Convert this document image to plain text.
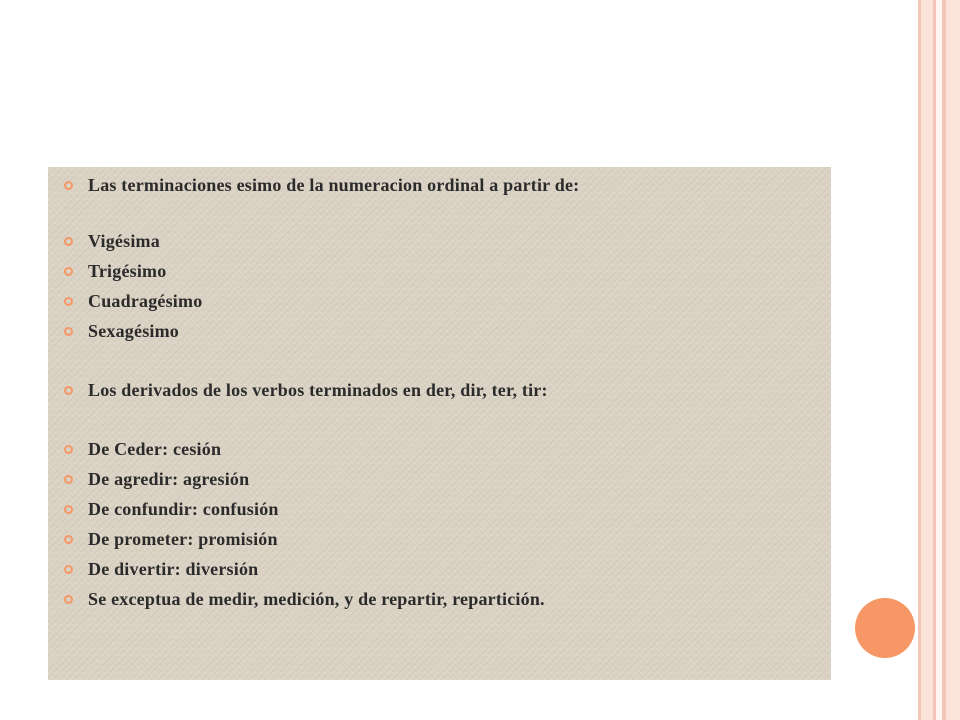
Las terminaciones esimo de la numeracion ordinal a partir de:
Vigésima
Trigésimo
Cuadragésimo
Sexagésimo
Los derivados de los verbos terminados en der, dir, ter, tir:
De Ceder: cesión
De agredir: agresión
De confundir: confusión
De prometer: promisión
De divertir: diversión
Se exceptua de medir, medición, y de repartir, repartición.
